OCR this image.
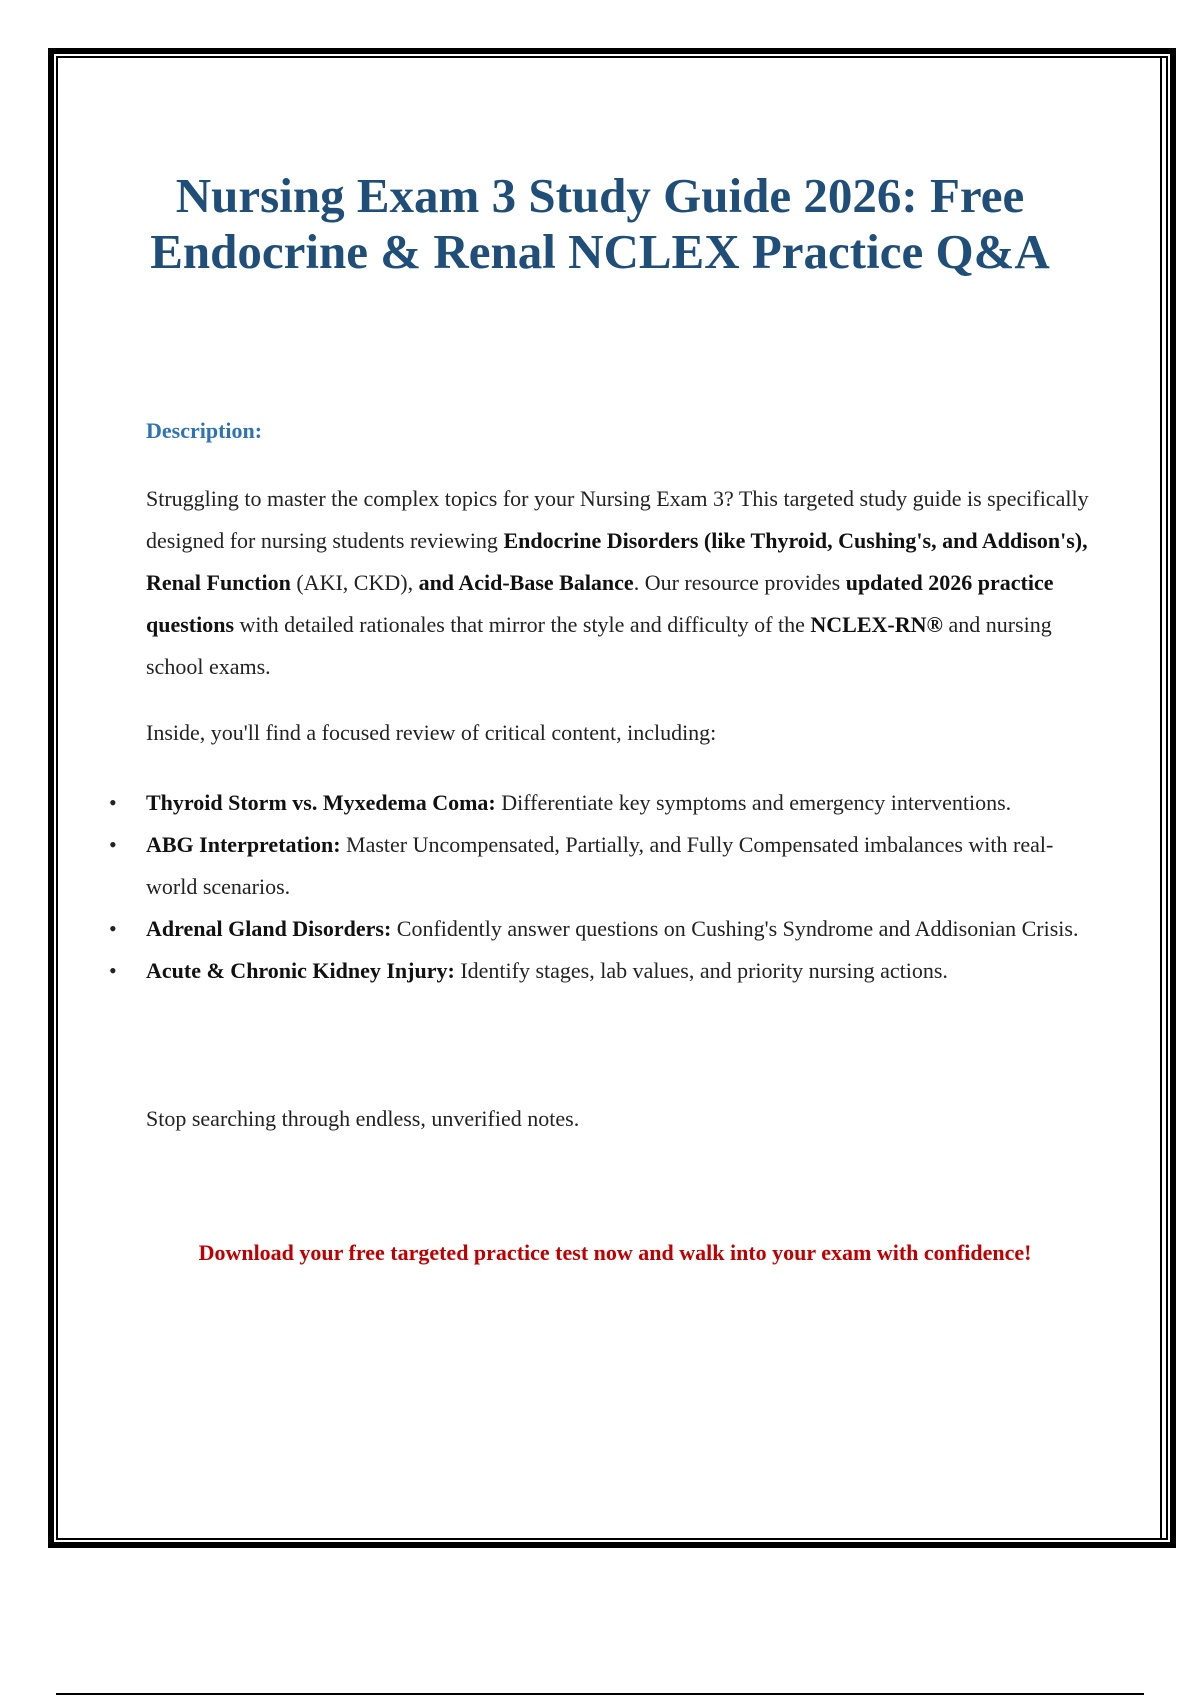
Nursing Exam 3 Study Guide 2026: Free
Endocrine & Renal NCLEX Practice Q&A

Description:

Struggling to master the complex topics for your Nursing Exam 3? This targeted study guide is specifically designed for nursing students reviewing Endocrine Disorders (like Thyroid, Cushing's, and Addison's), Renal Function (AKI, CKD), and Acid-Base Balance. Our resource provides updated 2026 practice questions with detailed rationales that mirror the style and difficulty of the NCLEX-RN® and nursing school exams.

Inside, you'll find a focused review of critical content, including:

• Thyroid Storm vs. Myxedema Coma: Differentiate key symptoms and emergency interventions.
• ABG Interpretation: Master Uncompensated, Partially, and Fully Compensated imbalances with real-world scenarios.
• Adrenal Gland Disorders: Confidently answer questions on Cushing's Syndrome and Addisonian Crisis.
• Acute & Chronic Kidney Injury: Identify stages, lab values, and priority nursing actions.

Stop searching through endless, unverified notes.

Download your free targeted practice test now and walk into your exam with confidence!
